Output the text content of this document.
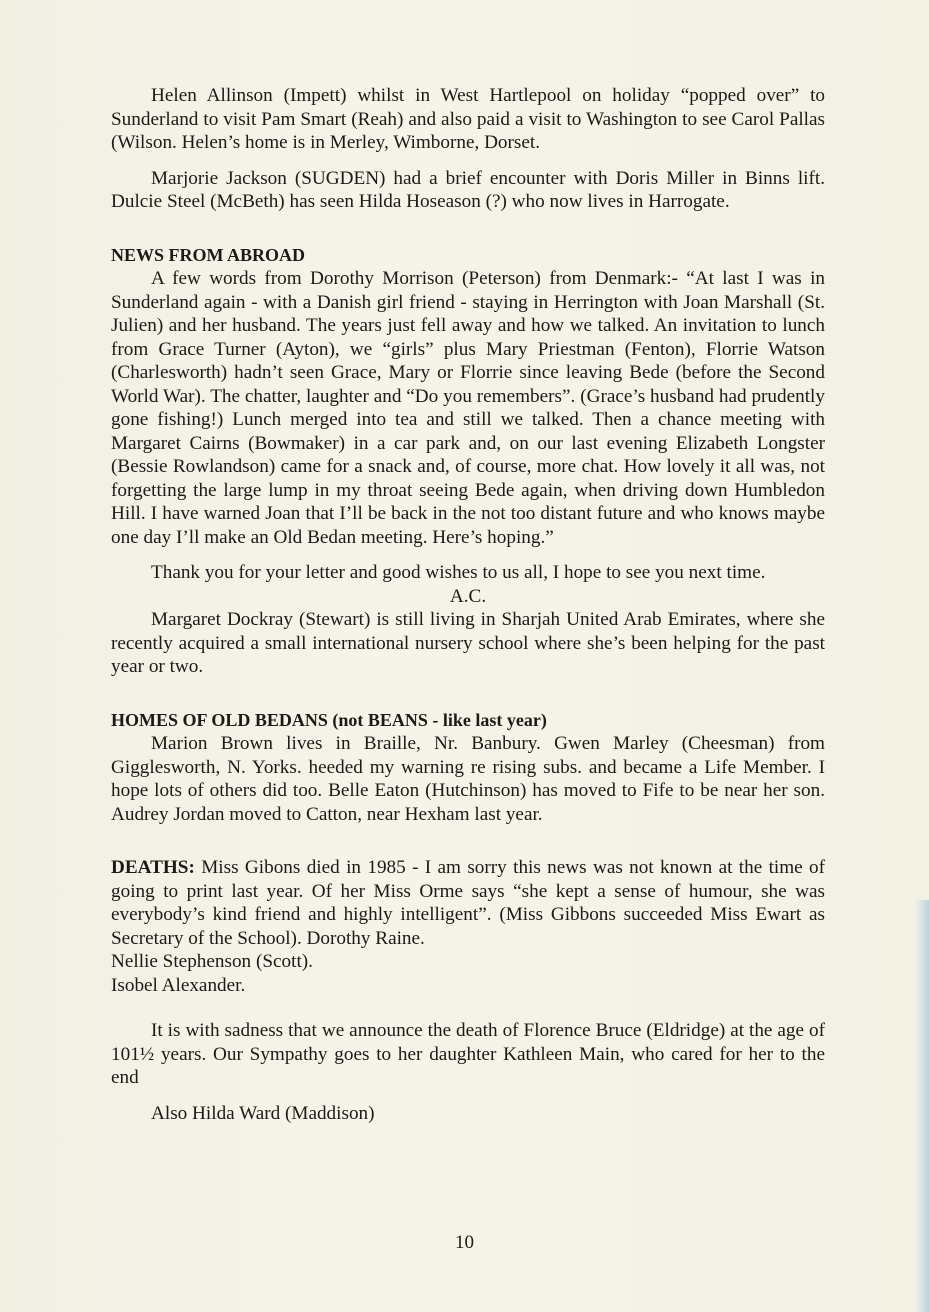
Helen Allinson (Impett) whilst in West Hartlepool on holiday “popped over” to Sunderland to visit Pam Smart (Reah) and also paid a visit to Washington to see Carol Pallas (Wilson. Helen’s home is in Merley, Wimborne, Dorset.

Marjorie Jackson (SUGDEN) had a brief encounter with Doris Miller in Binns lift. Dulcie Steel (McBeth) has seen Hilda Hoseason (?) who now lives in Harrogate.

NEWS FROM ABROAD

A few words from Dorothy Morrison (Peterson) from Denmark:- “At last I was in Sunderland again - with a Danish girl friend - staying in Herrington with Joan Marshall (St. Julien) and her husband. The years just fell away and how we talked. An invitation to lunch from Grace Turner (Ayton), we “girls” plus Mary Priestman (Fenton), Florrie Watson (Charlesworth) hadn’t seen Grace, Mary or Florrie since leaving Bede (before the Second World War). The chatter, laughter and “Do you remembers”. (Grace’s husband had prudently gone fishing!) Lunch merged into tea and still we talked. Then a chance meeting with Margaret Cairns (Bowmaker) in a car park and, on our last evening Elizabeth Longster (Bessie Rowlandson) came for a snack and, of course, more chat. How lovely it all was, not forgetting the large lump in my throat seeing Bede again, when driving down Humbledon Hill. I have warned Joan that I’ll be back in the not too distant future and who knows maybe one day I’ll make an Old Bedan meeting. Here’s hoping.”

Thank you for your letter and good wishes to us all, I hope to see you next time.

A.C.

Margaret Dockray (Stewart) is still living in Sharjah United Arab Emirates, where she recently acquired a small international nursery school where she’s been helping for the past year or two.

HOMES OF OLD BEDANS (not BEANS - like last year)

Marion Brown lives in Braille, Nr. Banbury. Gwen Marley (Cheesman) from Gigglesworth, N. Yorks. heeded my warning re rising subs. and became a Life Member. I hope lots of others did too. Belle Eaton (Hutchinson) has moved to Fife to be near her son. Audrey Jordan moved to Catton, near Hexham last year.

DEATHS: Miss Gibons died in 1985 - I am sorry this news was not known at the time of going to print last year. Of her Miss Orme says “she kept a sense of humour, she was everybody’s kind friend and highly intelligent”. (Miss Gibbons succeeded Miss Ewart as Secretary of the School). Dorothy Raine.

Nellie Stephenson (Scott).

Isobel Alexander.

It is with sadness that we announce the death of Florence Bruce (Eldridge) at the age of 101½ years. Our Sympathy goes to her daughter Kathleen Main, who cared for her to the end

Also Hilda Ward (Maddison)

10
